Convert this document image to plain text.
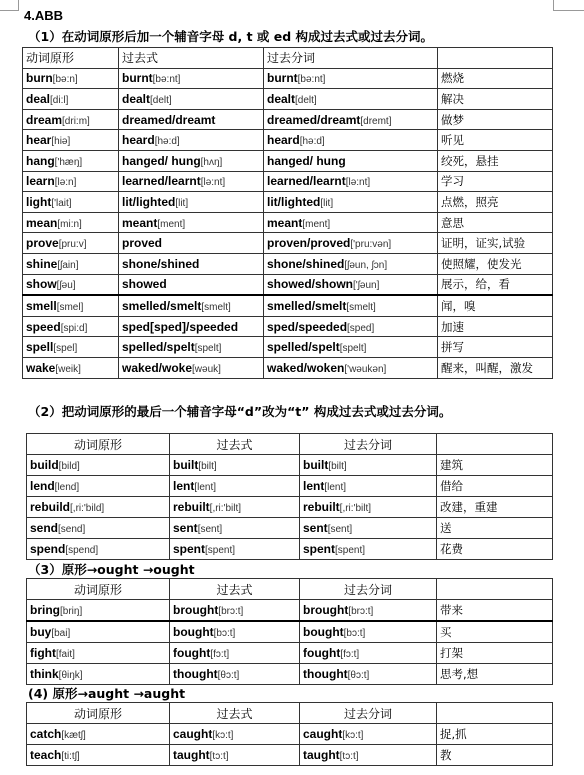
4.ABB
（1）在动词原形后加一个辅音字母 d, t 或 ed 构成过去式或过去分词。
动词原形	过去式	过去分词	
burn[bə:n]	burnt[bə:nt]	burnt[bə:nt]	燃烧
deal[di:l]	dealt[delt]	dealt[delt]	解决
dream[dri:m]	dreamed/dreamt	dreamed/dreamt[dremt]	做梦
hear[hiə]	heard[hə:d]	heard[hə:d]	听见
hang['hæŋ]	hanged/ hung[hʌŋ]	hanged/ hung	绞死，悬挂
learn[lə:n]	learned/learnt[lə:nt]	learned/learnt[lə:nt]	学习
light['lait]	lit/lighted[lit]	lit/lighted[lit]	点燃，照亮
mean[mi:n]	meant[ment]	meant[ment]	意思
prove[pru:v]	proved	proven/proved['pru:vən]	证明，证实,试验
shine[ʃain]	shone/shined	shone/shined[ʃəun, ʃɔn]	使照耀，使发光
show[ʃəu]	showed	showed/shown['ʃəun]	展示，给，看
smell[smel]	smelled/smelt[smelt]	smelled/smelt[smelt]	闻，嗅
speed[spi:d]	sped[sped]/speeded	sped/speeded[sped]	加速
spell[spel]	spelled/spelt[spelt]	spelled/spelt[spelt]	拼写
wake[weik]	waked/woke[wəuk]	waked/woken['wəukən]	醒来，叫醒，激发
（2）把动词原形的最后一个辅音字母“d”改为“t” 构成过去式或过去分词。
动词原形	过去式	过去分词	
build[bild]	built[bilt]	built[bilt]	建筑
lend[lend]	lent[lent]	lent[lent]	借给
rebuild[,ri:'bild]	rebuilt[,ri:'bilt]	rebuilt[,ri:'bilt]	改建，重建
send[send]	sent[sent]	sent[sent]	送
spend[spend]	spent[spent]	spent[spent]	花费
（3）原形→ought →ought
动词原形	过去式	过去分词	
bring[briŋ]	brought[brɔ:t]	brought[brɔ:t]	带来
buy[bai]	bought[bɔ:t]	bought[bɔ:t]	买
fight[fait]	fought[fɔ:t]	fought[fɔ:t]	打架
think[θiŋk]	thought[θɔ:t]	thought[θɔ:t]	思考,想
(4) 原形→aught →aught
动词原形	过去式	过去分词	
catch[kætʃ]	caught[kɔ:t]	caught[kɔ:t]	捉,抓
teach[ti:tʃ]	taught[tɔ:t]	taught[tɔ:t]	教
